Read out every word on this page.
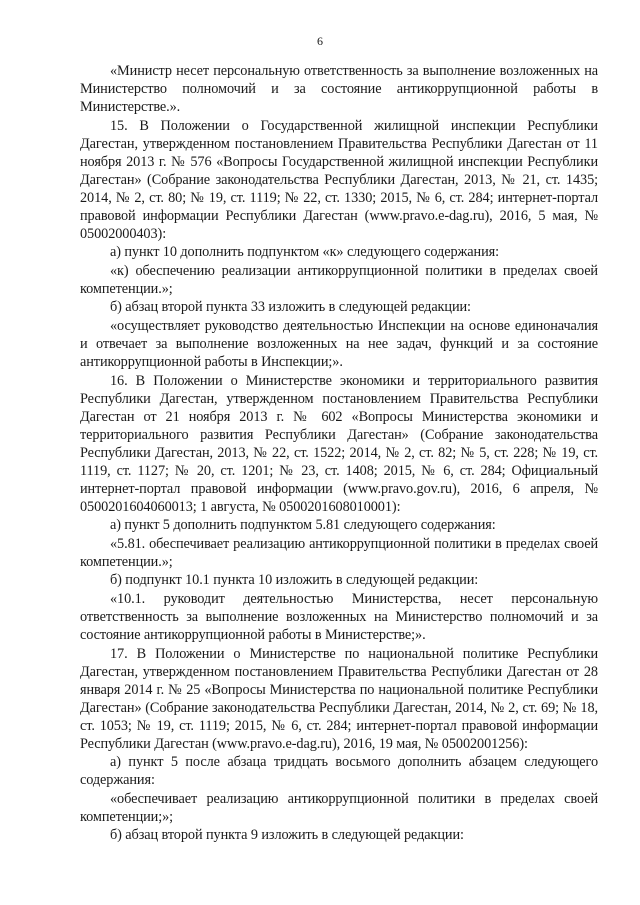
6

«Министр несет персональную ответственность за выполнение возложенных на Министерство полномочий и за состояние антикоррупционной работы в Министерстве.».

15. В Положении о Государственной жилищной инспекции Республики Дагестан, утвержденном постановлением Правительства Республики Дагестан от 11 ноября 2013 г. № 576 «Вопросы Государственной жилищной инспекции Республики Дагестан» (Собрание законодательства Республики Дагестан, 2013, № 21, ст. 1435; 2014, № 2, ст. 80; № 19, ст. 1119; № 22, ст. 1330; 2015, № 6, ст. 284; интернет-портал правовой информации Республики Дагестан (www.pravo.e-dag.ru), 2016, 5 мая, № 05002000403):

а) пункт 10 дополнить подпунктом «к» следующего содержания:

«к) обеспечению реализации антикоррупционной политики в пределах своей компетенции.»;

б) абзац второй пункта 33 изложить в следующей редакции:

«осуществляет руководство деятельностью Инспекции на основе единоначалия и отвечает за выполнение возложенных на нее задач, функций и за состояние антикоррупционной работы в Инспекции;».

16. В Положении о Министерстве экономики и территориального развития Республики Дагестан, утвержденном постановлением Правительства Республики Дагестан от 21 ноября 2013 г. № 602 «Вопросы Министерства экономики и территориального развития Республики Дагестан» (Собрание законодательства Республики Дагестан, 2013, № 22, ст. 1522; 2014, № 2, ст. 82; № 5, ст. 228; № 19, ст. 1119, ст. 1127; № 20, ст. 1201; № 23, ст. 1408; 2015, № 6, ст. 284; Официальный интернет-портал правовой информации (www.pravo.gov.ru), 2016, 6 апреля, № 0500201604060013; 1 августа, № 0500201608010001):

а) пункт 5 дополнить подпунктом 5.81 следующего содержания:

«5.81. обеспечивает реализацию антикоррупционной политики в пределах своей компетенции.»;

б) подпункт 10.1 пункта 10 изложить в следующей редакции:

«10.1. руководит деятельностью Министерства, несет персональную ответственность за выполнение возложенных на Министерство полномочий и за состояние антикоррупционной работы в Министерстве;».

17. В Положении о Министерстве по национальной политике Республики Дагестан, утвержденном постановлением Правительства Республики Дагестан от 28 января 2014 г. № 25 «Вопросы Министерства по национальной политике Республики Дагестан» (Собрание законодательства Республики Дагестан, 2014, № 2, ст. 69; № 18, ст. 1053; № 19, ст. 1119; 2015, № 6, ст. 284; интернет-портал правовой информации Республики Дагестан (www.pravo.e-dag.ru), 2016, 19 мая, № 05002001256):

а) пункт 5 после абзаца тридцать восьмого дополнить абзацем следующего содержания:

«обеспечивает реализацию антикоррупционной политики в пределах своей компетенции;»;

б) абзац второй пункта 9 изложить в следующей редакции:
